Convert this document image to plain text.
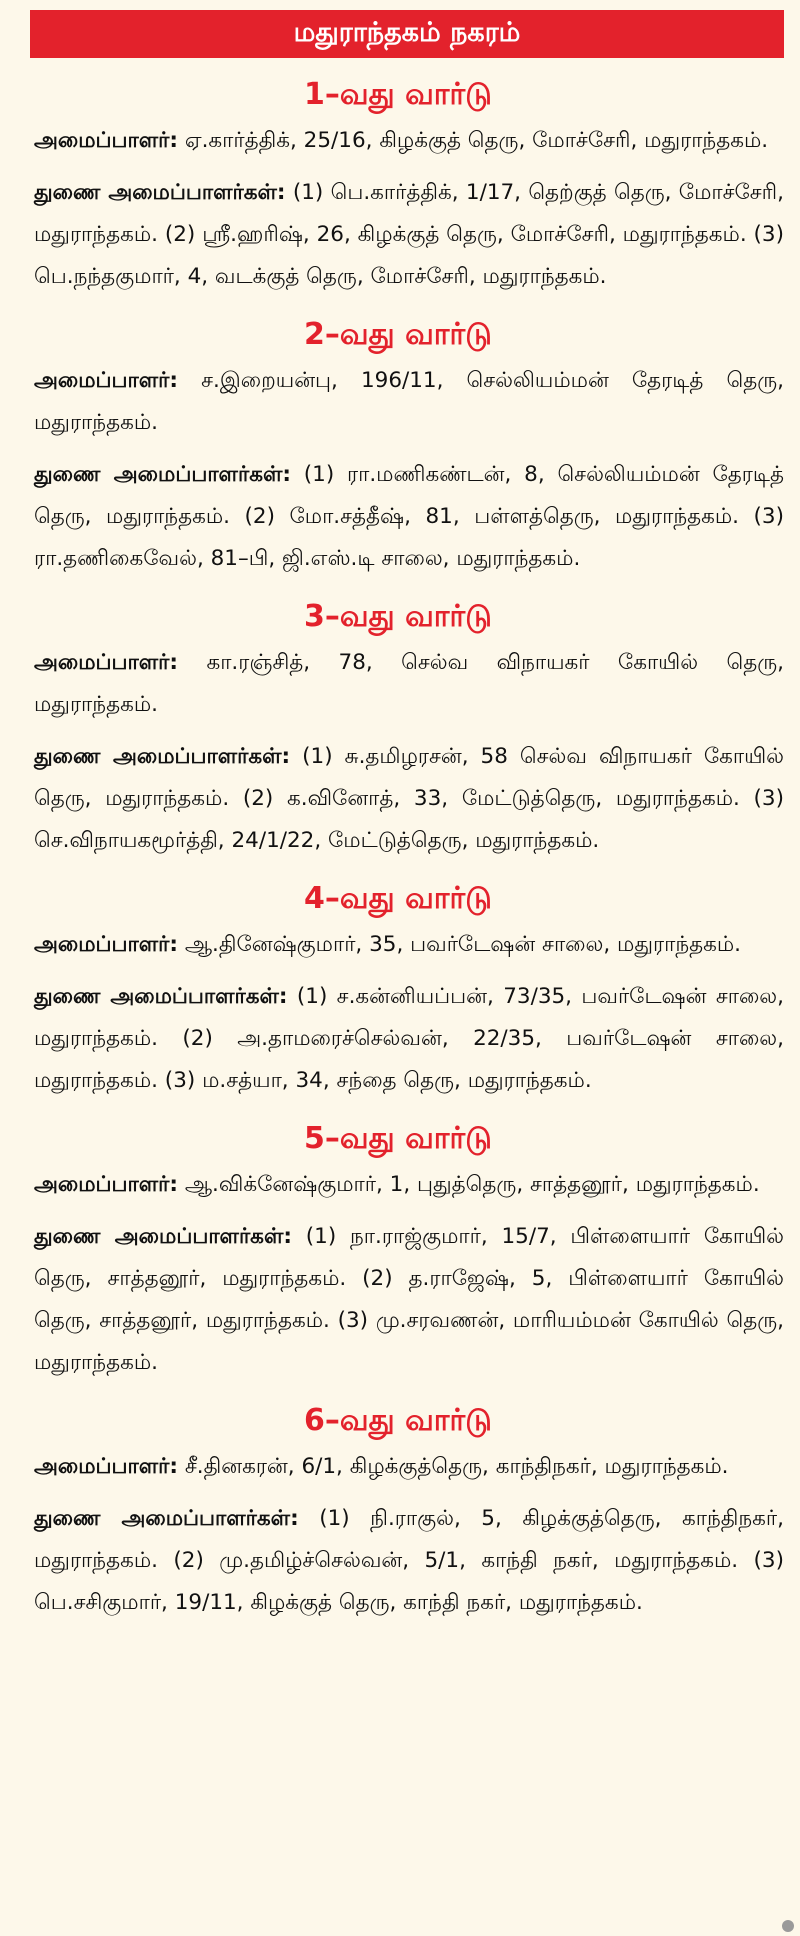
மதுராந்தகம் நகரம்
1–வது வார்டு

அமைப்பாளர்: ஏ.கார்த்திக், 25/16, கிழக்குத் தெரு, மோச்சேரி, மதுராந்தகம்.

துணை அமைப்பாளர்கள்: (1) பெ.கார்த்திக், 1/17, தெற்குத் தெரு, மோச்சேரி, மதுராந்தகம். (2) ஸ்ரீ.ஹரிஷ், 26, கிழக்குத் தெரு, மோச்சேரி, மதுராந்தகம். (3) பெ.நந்தகுமார், 4, வடக்குத் தெரு, மோச்சேரி, மதுராந்தகம்.

2–வது வார்டு

அமைப்பாளர்: ச.இறையன்பு, 196/11, செல்லியம்மன் தேரடித் தெரு, மதுராந்தகம்.

துணை அமைப்பாளர்கள்: (1) ரா.மணிகண்டன், 8, செல்லியம்மன் தேரடித் தெரு, மதுராந்தகம். (2) மோ.சத்தீஷ், 81, பள்ளத்தெரு, மதுராந்தகம். (3) ரா.தணிகைவேல், 81–பி, ஜி.எஸ்.டி சாலை, மதுராந்தகம்.

3–வது வார்டு

அமைப்பாளர்: கா.ரஞ்சித், 78, செல்வ விநாயகர் கோயில் தெரு, மதுராந்தகம்.

துணை அமைப்பாளர்கள்: (1) சு.தமிழரசன், 58 செல்வ விநாயகர் கோயில் தெரு, மதுராந்தகம். (2) க.வினோத், 33, மேட்டுத்தெரு, மதுராந்தகம். (3) செ.விநாயகமூர்த்தி, 24/1/22, மேட்டுத்தெரு, மதுராந்தகம்.

4–வது வார்டு

அமைப்பாளர்: ஆ.தினேஷ்குமார், 35, பவர்டேஷன் சாலை, மதுராந்தகம்.

துணை அமைப்பாளர்கள்: (1) ச.கன்னியப்பன், 73/35, பவர்டேஷன் சாலை, மதுராந்தகம். (2) அ.தாமரைச்செல்வன், 22/35, பவர்டேஷன் சாலை, மதுராந்தகம். (3) ம.சத்யா, 34, சந்தை தெரு, மதுராந்தகம்.

5–வது வார்டு

அமைப்பாளர்: ஆ.விக்னேஷ்குமார், 1, புதுத்தெரு, சாத்தனூர், மதுராந்தகம்.

துணை அமைப்பாளர்கள்: (1) நா.ராஜ்குமார், 15/7, பிள்ளையார் கோயில் தெரு, சாத்தனூர், மதுராந்தகம். (2) த.ராஜேஷ், 5, பிள்ளையார் கோயில் தெரு, சாத்தனூர், மதுராந்தகம். (3) மு.சரவணன், மாரியம்மன் கோயில் தெரு, மதுராந்தகம்.

6–வது வார்டு

அமைப்பாளர்: சீ.தினகரன், 6/1, கிழக்குத்தெரு, காந்திநகர், மதுராந்தகம்.

துணை அமைப்பாளர்கள்: (1) நி.ராகுல், 5, கிழக்குத்தெரு, காந்திநகர், மதுராந்தகம். (2) மு.தமிழ்ச்செல்வன், 5/1, காந்தி நகர், மதுராந்தகம். (3) பெ.சசிகுமார், 19/11, கிழக்குத் தெரு, காந்தி நகர், மதுராந்தகம்.
